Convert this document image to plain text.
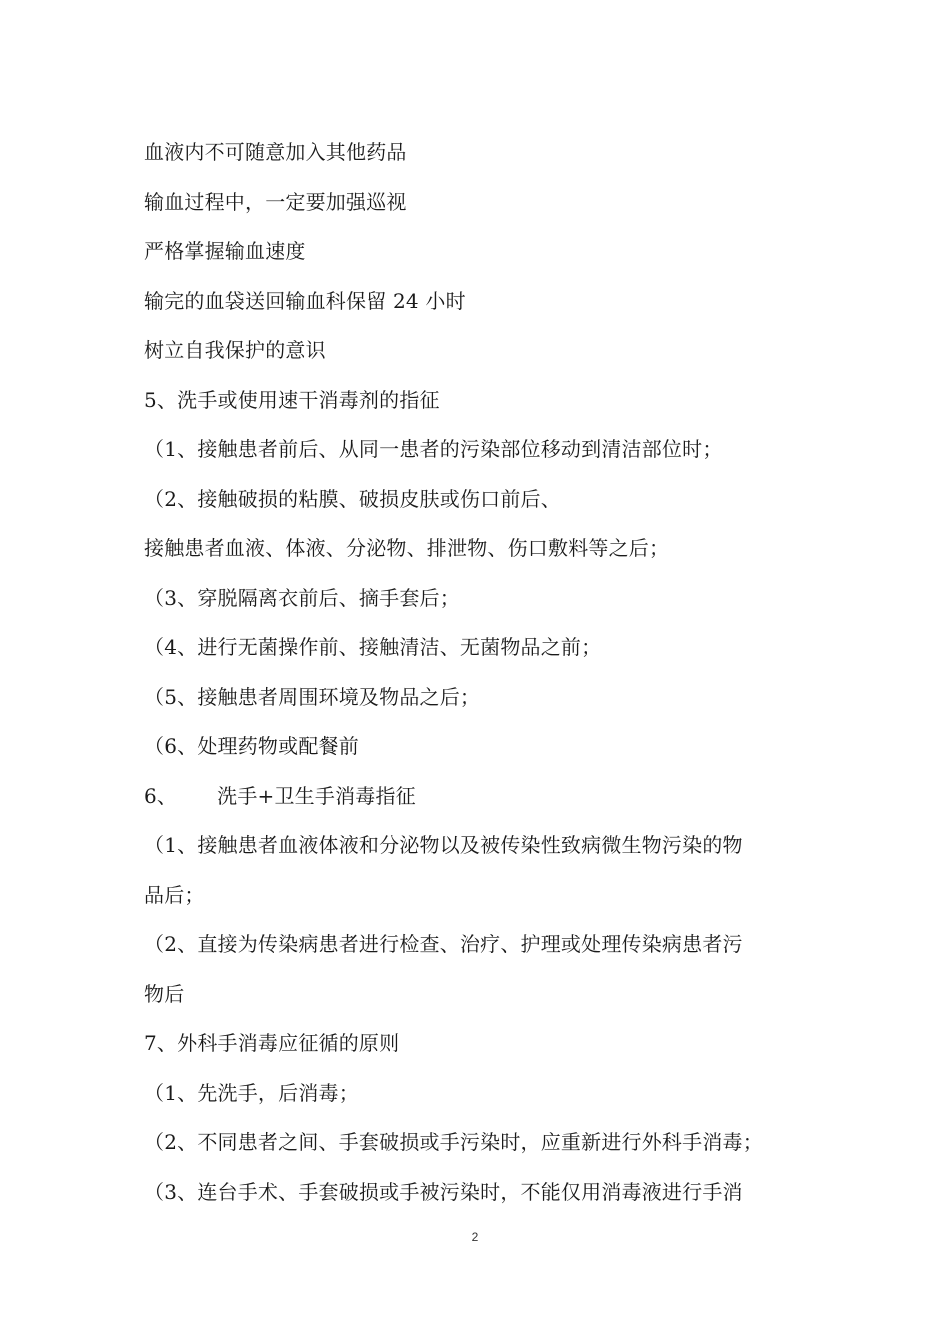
血液内不可随意加入其他药品
输血过程中，一定要加强巡视
严格掌握输血速度
输完的血袋送回输血科保留 24 小时
树立自我保护的意识
5、洗手或使用速干消毒剂的指征
（1、接触患者前后、从同一患者的污染部位移动到清洁部位时；
（2、接触破损的粘膜、破损皮肤或伤口前后、
接触患者血液、体液、分泌物、排泄物、伤口敷料等之后；
（3、穿脱隔离衣前后、摘手套后；
（4、进行无菌操作前、接触清洁、无菌物品之前；
（5、接触患者周围环境及物品之后；
（6、处理药物或配餐前
6、 洗手+卫生手消毒指征
（1、接触患者血液体液和分泌物以及被传染性致病微生物污染的物
品后；
（2、直接为传染病患者进行检查、治疗、护理或处理传染病患者污
物后
7、外科手消毒应征循的原则
（1、先洗手，后消毒；
（2、不同患者之间、手套破损或手污染时，应重新进行外科手消毒；
（3、连台手术、手套破损或手被污染时，不能仅用消毒液进行手消
2
